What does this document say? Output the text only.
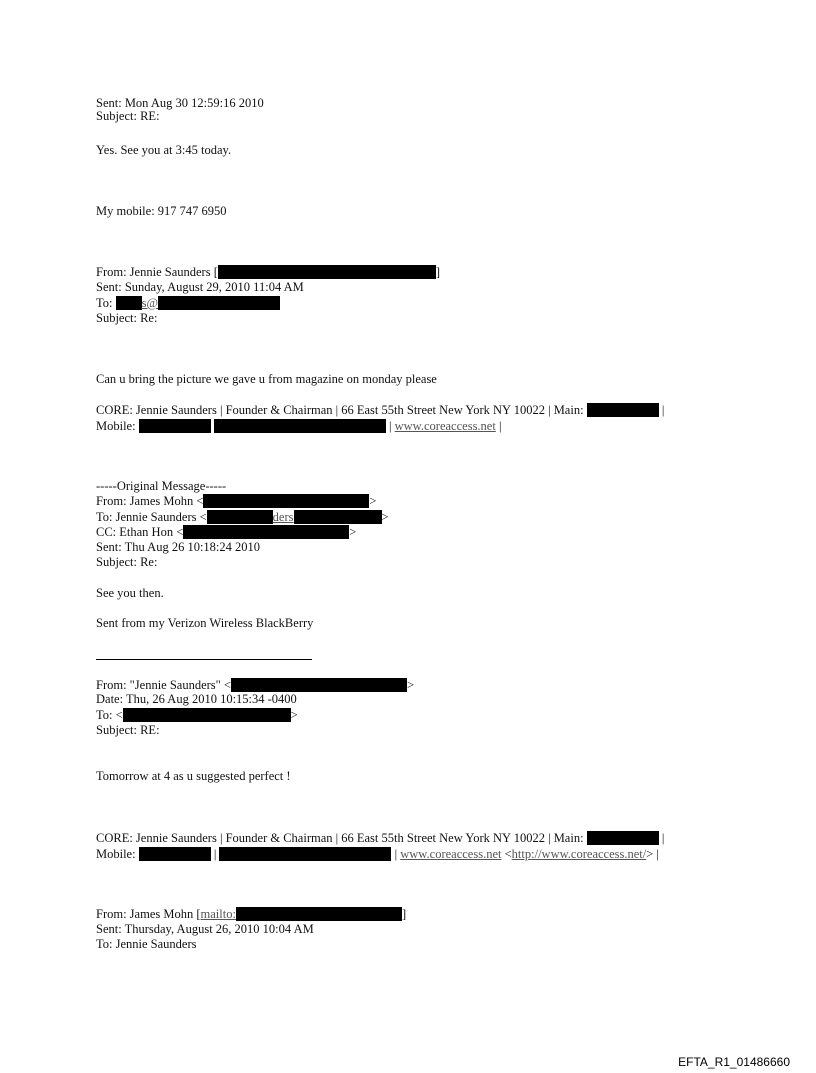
Sent: Mon Aug 30 12:59:16 2010
Subject: RE:
Yes. See you at 3:45 today.
My mobile: 917 747 6950
From: Jennie Saunders [	]
Sent: Sunday, August 29, 2010 11:04 AM
To: s@
Subject: Re:
Can u bring the picture we gave u from magazine on monday please
CORE: Jennie Saunders | Founder & Chairman | 66 East 55th Street New York NY 10022 | Main:	|
Mobile:	| www.coreaccess.net |
-----Original Message-----
From: James Mohn <	>
To: Jennie Saunders <	ders	>
CC: Ethan Hon <	>
Sent: Thu Aug 26 10:18:24 2010
Subject: Re:
See you then.
Sent from my Verizon Wireless BlackBerry
From: "Jennie Saunders" <	>
Date: Thu, 26 Aug 2010 10:15:34 -0400
To: <	>
Subject: RE:
Tomorrow at 4 as u suggested perfect !
CORE: Jennie Saunders | Founder & Chairman | 66 East 55th Street New York NY 10022 | Main:	|
Mobile:	|	| www.coreaccess.net <http://www.coreaccess.net/> |
From: James Mohn [mailto:	]
Sent: Thursday, August 26, 2010 10:04 AM
To: Jennie Saunders
EFTA_R1_01486660
